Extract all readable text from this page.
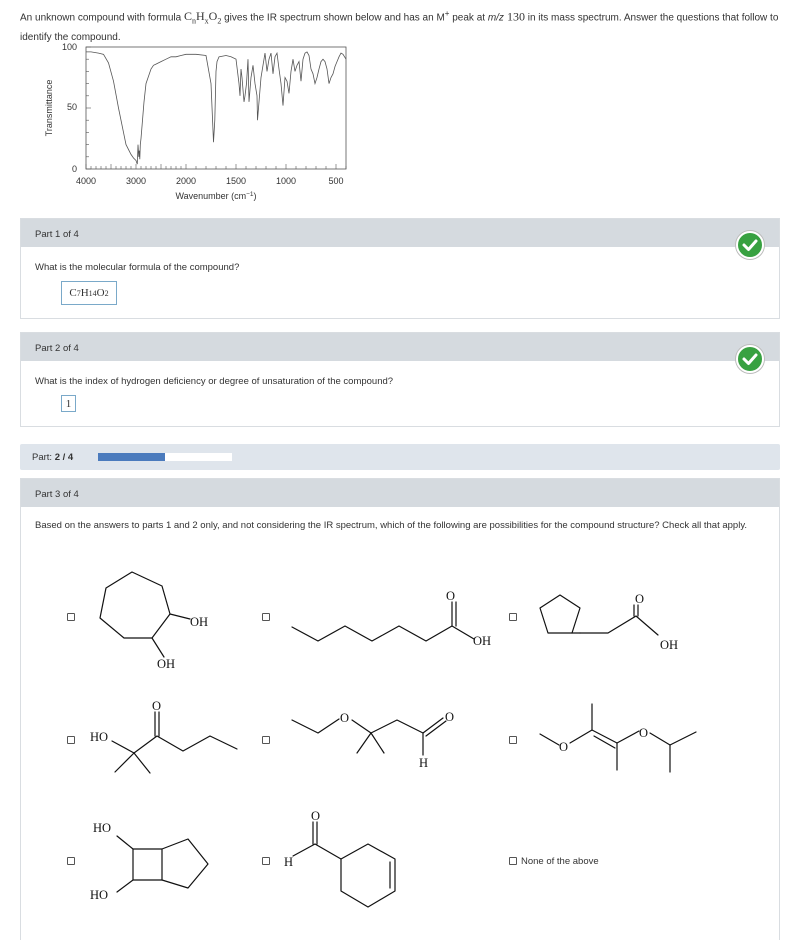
An unknown compound with formula $C_nH_xO_2$ gives the IR spectrum shown below and has an M+ peak at m/z 130 in its mass spectrum. Answer the questions that follow to identify the compound.
Transmittance
100
50
0
4000	3000	2000	1500	1000	500
Wavenumber $(cm^{-1})$
Part 1 of 4
What is the molecular formula of the compound?
C 7 H 14 O 2
Part 2 of 4
What is the index of hydrogen deficiency or degree of unsaturation of the compound?
1
Part: 2 / 4
Part 3 of 4
Based on the answers to parts 1 and 2 only, and not considering the IR spectrum, which of the following are possibilities for the compound structure? Check all that apply.
None of the above
OH
OH
O
OH
O
OH
HO
O
O	O
H
O
O
HO
HO
O
H
